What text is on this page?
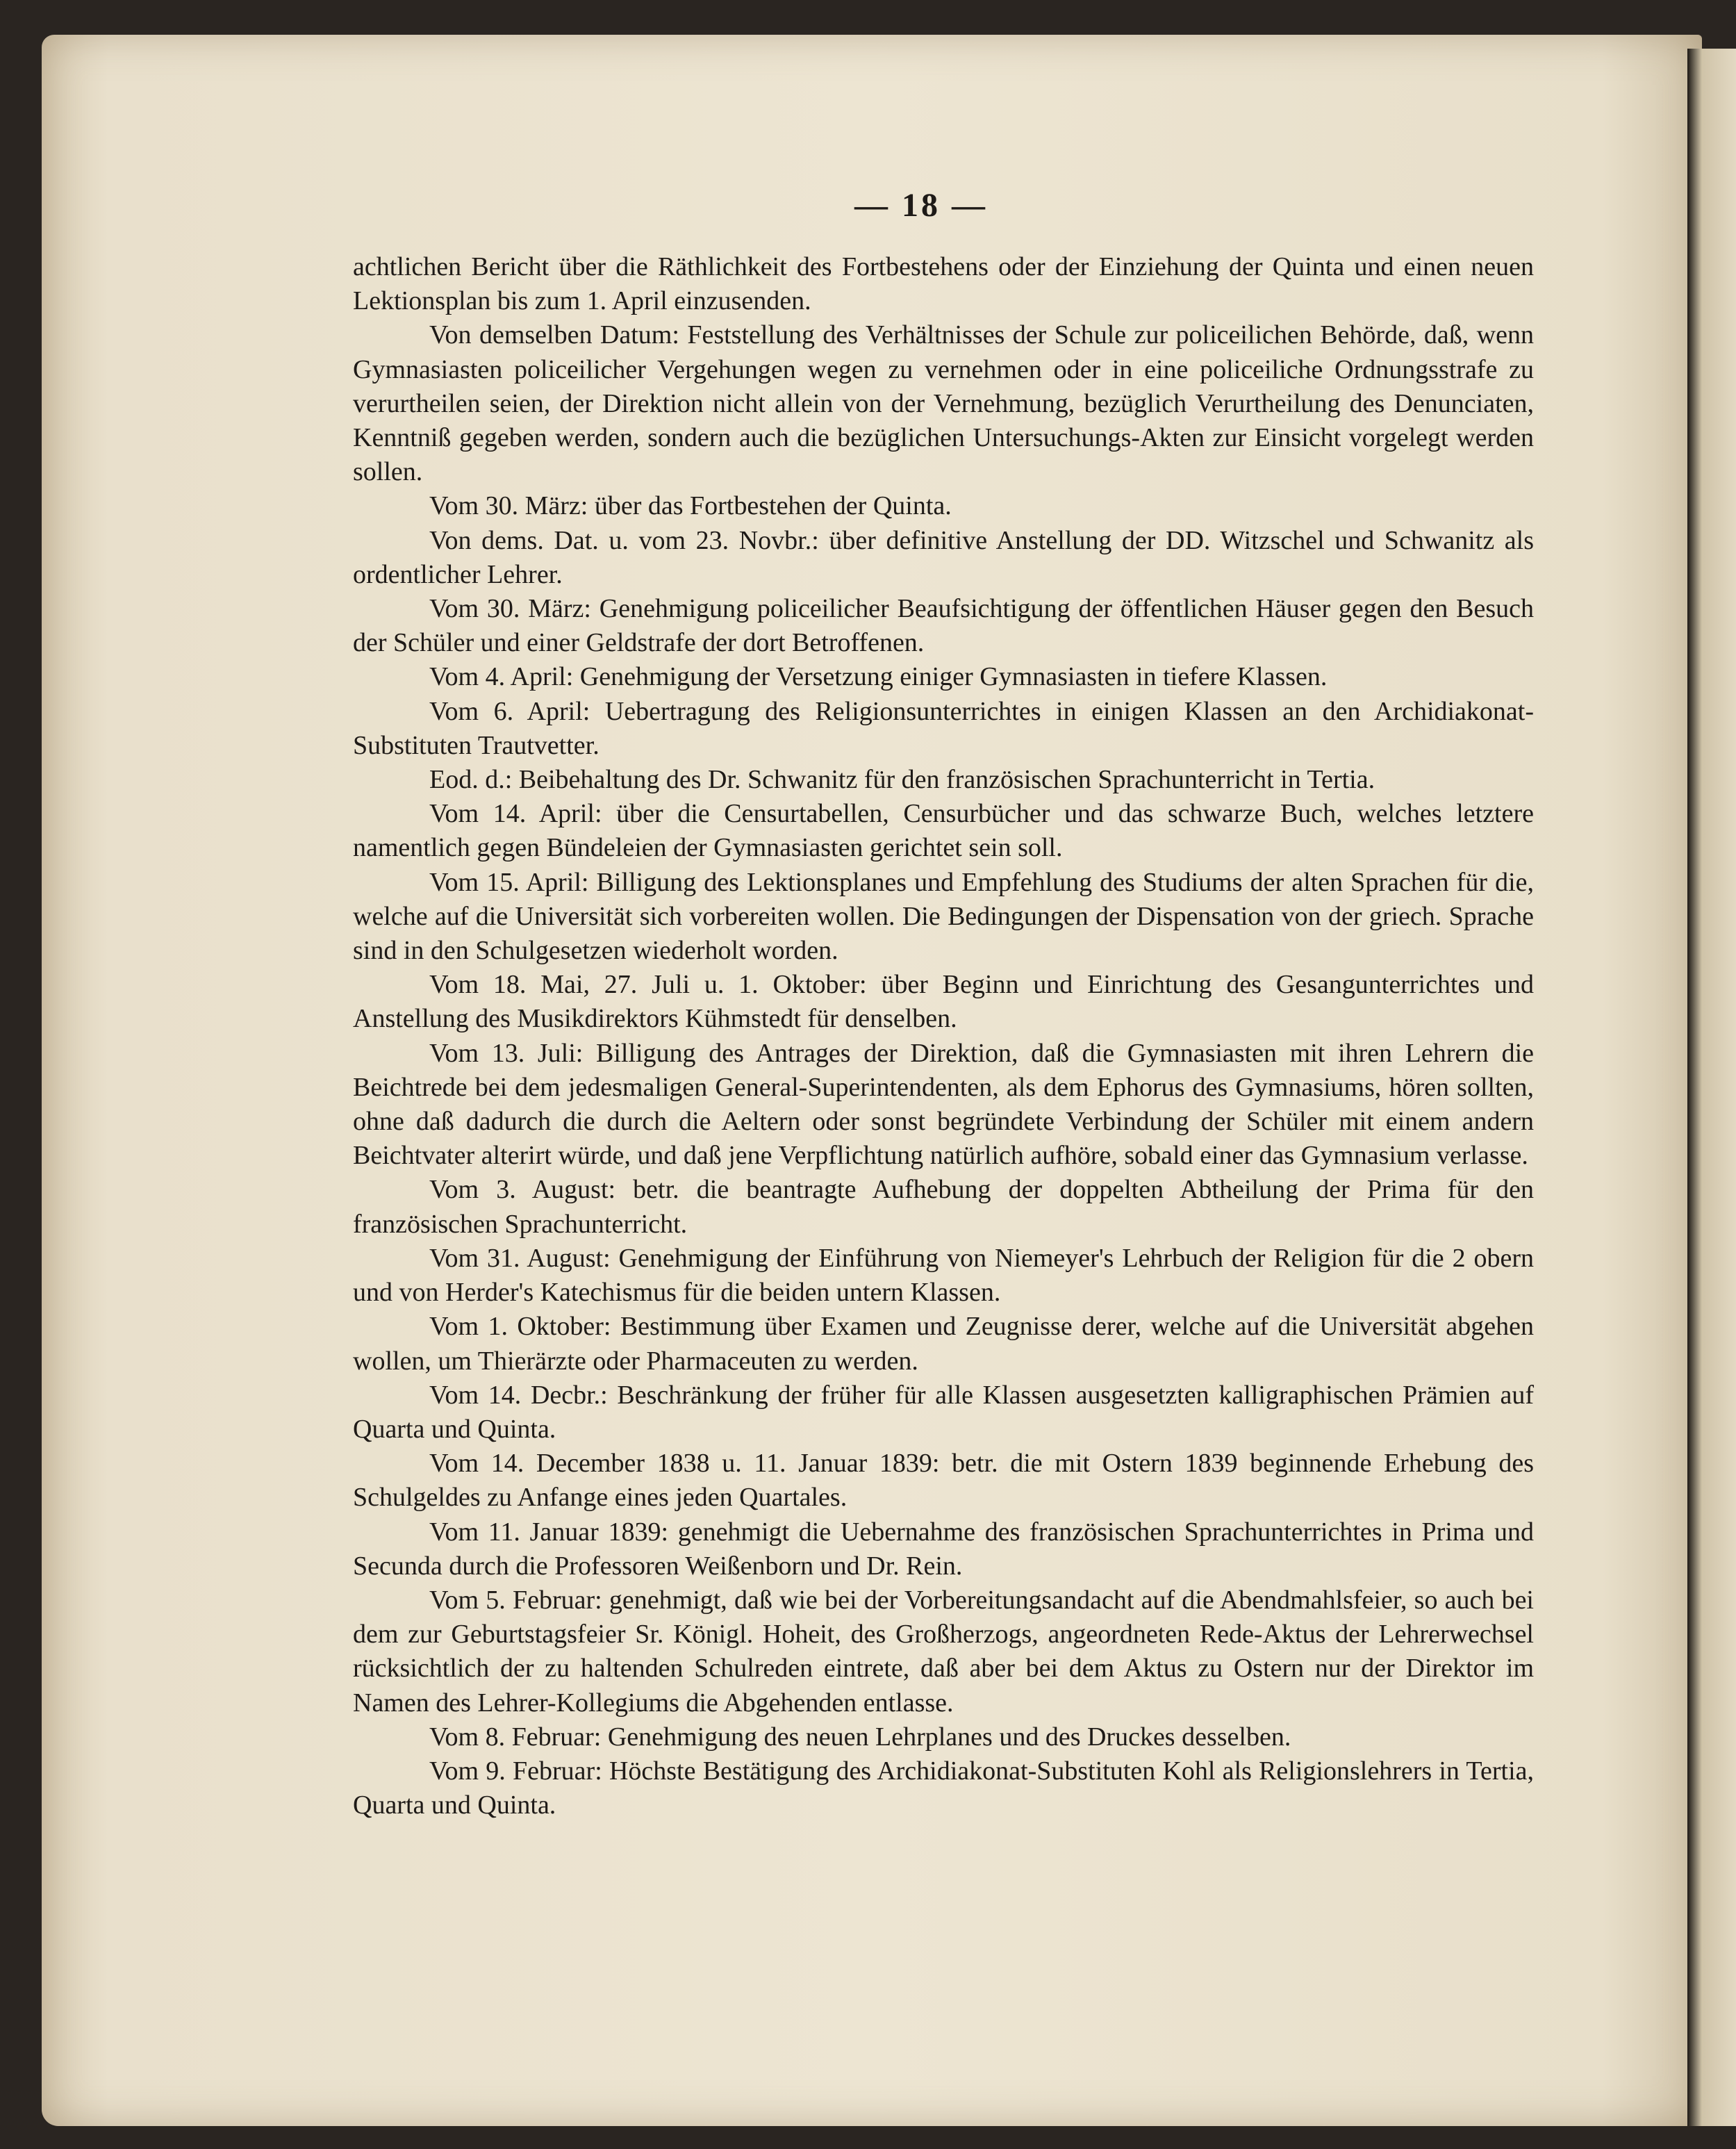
— 18 —

achtlichen Bericht über die Räthlichkeit des Fortbestehens oder der Einziehung der Quinta und einen neuen Lektionsplan bis zum 1. April einzusenden.

Von demselben Datum: Feststellung des Verhältnisses der Schule zur policeilichen Behörde, daß, wenn Gymnasiasten policeilicher Vergehungen wegen zu vernehmen oder in eine policeiliche Ordnungsstrafe zu verurtheilen seien, der Direktion nicht allein von der Vernehmung, bezüglich Verurtheilung des Denunciaten, Kenntniß gegeben werden, sondern auch die bezüglichen Untersuchungs-Akten zur Einsicht vorgelegt werden sollen.

Vom 30. März: über das Fortbestehen der Quinta.

Von dems. Dat. u. vom 23. Novbr.: über definitive Anstellung der DD. Witzschel und Schwanitz als ordentlicher Lehrer.

Vom 30. März: Genehmigung policeilicher Beaufsichtigung der öffentlichen Häuser gegen den Besuch der Schüler und einer Geldstrafe der dort Betroffenen.

Vom 4. April: Genehmigung der Versetzung einiger Gymnasiasten in tiefere Klassen.

Vom 6. April: Uebertragung des Religionsunterrichtes in einigen Klassen an den Archidiakonat-Substituten Trautvetter.

Eod. d.: Beibehaltung des Dr. Schwanitz für den französischen Sprachunterricht in Tertia.

Vom 14. April: über die Censurtabellen, Censurbücher und das schwarze Buch, welches letztere namentlich gegen Bündeleien der Gymnasiasten gerichtet sein soll.

Vom 15. April: Billigung des Lektionsplanes und Empfehlung des Studiums der alten Sprachen für die, welche auf die Universität sich vorbereiten wollen. Die Bedingungen der Dispensation von der griech. Sprache sind in den Schulgesetzen wiederholt worden.

Vom 18. Mai, 27. Juli u. 1. Oktober: über Beginn und Einrichtung des Gesangunterrichtes und Anstellung des Musikdirektors Kühmstedt für denselben.

Vom 13. Juli: Billigung des Antrages der Direktion, daß die Gymnasiasten mit ihren Lehrern die Beichtrede bei dem jedesmaligen General-Superintendenten, als dem Ephorus des Gymnasiums, hören sollten, ohne daß dadurch die durch die Aeltern oder sonst begründete Verbindung der Schüler mit einem andern Beichtvater alterirt würde, und daß jene Verpflichtung natürlich aufhöre, sobald einer das Gymnasium verlasse.

Vom 3. August: betr. die beantragte Aufhebung der doppelten Abtheilung der Prima für den französischen Sprachunterricht.

Vom 31. August: Genehmigung der Einführung von Niemeyer's Lehrbuch der Religion für die 2 obern und von Herder's Katechismus für die beiden untern Klassen.

Vom 1. Oktober: Bestimmung über Examen und Zeugnisse derer, welche auf die Universität abgehen wollen, um Thierärzte oder Pharmaceuten zu werden.

Vom 14. Decbr.: Beschränkung der früher für alle Klassen ausgesetzten kalligraphischen Prämien auf Quarta und Quinta.

Vom 14. December 1838 u. 11. Januar 1839: betr. die mit Ostern 1839 beginnende Erhebung des Schulgeldes zu Anfange eines jeden Quartales.

Vom 11. Januar 1839: genehmigt die Uebernahme des französischen Sprachunterrichtes in Prima und Secunda durch die Professoren Weißenborn und Dr. Rein.

Vom 5. Februar: genehmigt, daß wie bei der Vorbereitungsandacht auf die Abendmahlsfeier, so auch bei dem zur Geburtstagsfeier Sr. Königl. Hoheit, des Großherzogs, angeordneten Rede-Aktus der Lehrerwechsel rücksichtlich der zu haltenden Schulreden eintrete, daß aber bei dem Aktus zu Ostern nur der Direktor im Namen des Lehrer-Kollegiums die Abgehenden entlasse.

Vom 8. Februar: Genehmigung des neuen Lehrplanes und des Druckes desselben.

Vom 9. Februar: Höchste Bestätigung des Archidiakonat-Substituten Kohl als Religionslehrers in Tertia, Quarta und Quinta.
